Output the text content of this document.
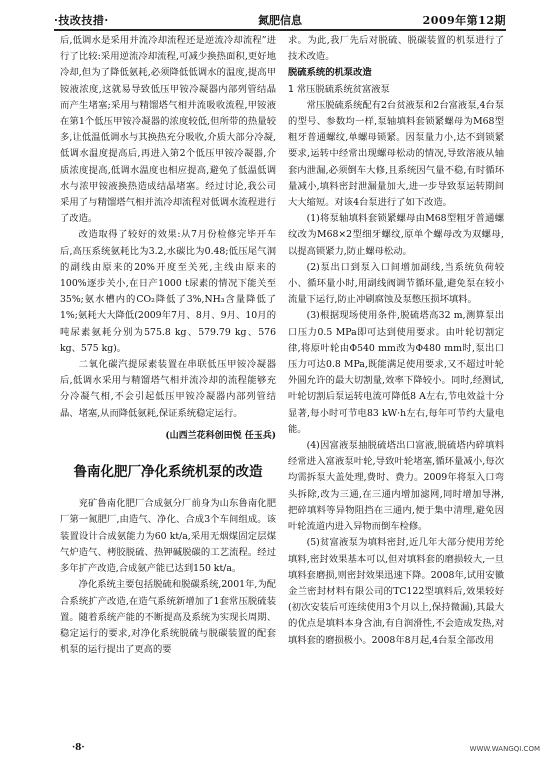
·技改技措·	氮肥信息	2009年第12期

后,低调水是采用并流冷却流程还是逆流冷却流程”进行了比较:采用逆流冷却流程,可减少换热面积,更好地冷却,但为了降低氨耗,必须降低低调水的温度,提高甲铵液浓度,这就易导致低压甲铵冷凝器内部列管结晶而产生堵塞;采用与精馏塔气相并流吸收流程,甲铵液在第1个低压甲铵冷凝器的浓度较低,但所带的热量较多,让低温低调水与其换热充分吸收,介质大部分冷凝,低调水温度提高后,再进入第2个低压甲铵冷凝器,介质浓度提高,低调水温度也相应提高,避免了低温低调水与浓甲铵液换热造成结晶堵塞。经过讨论,我公司采用了与精馏塔气相并流冷却流程对低调水流程进行了改造。

改造取得了较好的效果:从7月份检修完毕开车后,高压系统氨耗比为3.2,水碳比为0.48;低压尾气洞的副线由原来的20%开度至关死,主线由原来的100%逐步关小,在日产1000 t尿素的情况下能关至35%;氨水槽内的CO₂降低了3%,NH₃含量降低了1%;氨耗大大降低(2009年7月、8月、9月、10月的吨尿素氨耗分别为575.8 kg、579.79 kg、576 kg、575 kg)。

二氧化碳汽提尿素装置在串联低压甲铵冷凝器后,低调水采用与精馏塔气相并流冷却的流程能够充分冷凝气相,不会引起低压甲铵冷凝器内部列管结晶、堵塞,从而降低氨耗,保证系统稳定运行。

(山西兰花科创田悦 任玉兵)
鲁南化肥厂净化系统机泵的改造

兖矿鲁南化肥厂合成氨分厂前身为山东鲁南化肥厂第一氮肥厂,由造气、净化、合成3个车间组成。该装置设计合成氨能力为60 kt/a,采用无烟煤固定层煤气炉造气、栲胶脱硫、热钾碱脱碳的工艺流程。经过多年扩产改造,合成氨产能已达到150 kt/a。

净化系统主要包括脱硫和脱碳系统,2001年,为配合系统扩产改造,在造气系统新增加了1套常压脱硫装置。随着系统产能的不断提高及系统为实现长周期、稳定运行的要求,对净化系统脱硫与脱碳装置的配套机泵的运行提出了更高的要

求。为此,我厂先后对脱硫、脱碳装置的机泵进行了技术改造。

脱硫系统的机泵改造

1 常压脱硫系统贫富液泵

常压脱硫系统配有2台贫液泵和2台富液泵,4台泵的型号、参数均一样,泵轴填料套锁紧螺母为M68型粗牙普通螺纹,单螺母锁紧。因泵量力小,达不到锁紧要求,运转中经常出现螺母松动的情况,导致溶液从轴套内泄漏,必须倒车大修,且系统因气量不稳,有时循环量减小,填料密封泄漏量加大,进一步导致泵运转期间大大缩短。对该4台泵进行了如下改造。

(1)将泵轴填料套锁紧螺母由M68型粗牙普通螺纹改为M68×2型细牙螺纹,原单个螺母改为双螺母,以提高锁紧力,防止螺母松动。

(2)泵出口到泵入口间增加副线,当系统负荷较小、循环量小时,用副线阀调节循环量,避免泵在较小流量下运行,防止冲刷腐蚀及泵憋压损坏填料。

(3)根据现场使用条件,脱硫塔高32 m,测算泵出口压力0.5 MPa即可达到使用要求。由叶轮切割定律,将原叶轮由Φ540 mm改为Φ480 mm时,泵出口压力可达0.8 MPa,既能满足使用要求,又不超过叶轮外圆允许的最大切割量,效率下降较小。同时,经测试,叶轮切割后泵运转电流可降低8 A左右,节电效益十分显著,每小时可节电83 kW·h左右,每年可节约大量电能。

(4)因富液泵抽脱硫塔出口富液,脱硫塔内碎填料经常进入富液泵叶轮,导致叶轮堵塞,循环量减小,每次均需拆泵大盖处理,费时、费力。2009年将泵入口弯头拆除,改为三通,在三通内增加滤网,同时增加导淋,把碎填料等异物阻挡在三通内,便于集中清理,避免因叶轮流道内进入异物而倒车检修。

(5)贫富液泵为填料密封,近几年大部分使用芳纶填料,密封效果基本可以,但对填料套的磨损较大,一旦填料套磨损,则密封效果迅速下降。2008年,试用安徽金兰密封材料有限公司的TC122型填料后,效果较好(初次安装后可连续使用3个月以上,保持微漏),其最大的优点是填料本身含油,有自润滑性,不会造成发热,对填料套的磨损极小。2008年8月起,4台泵全部改用

·8·	WWW.WANGQI.COM
